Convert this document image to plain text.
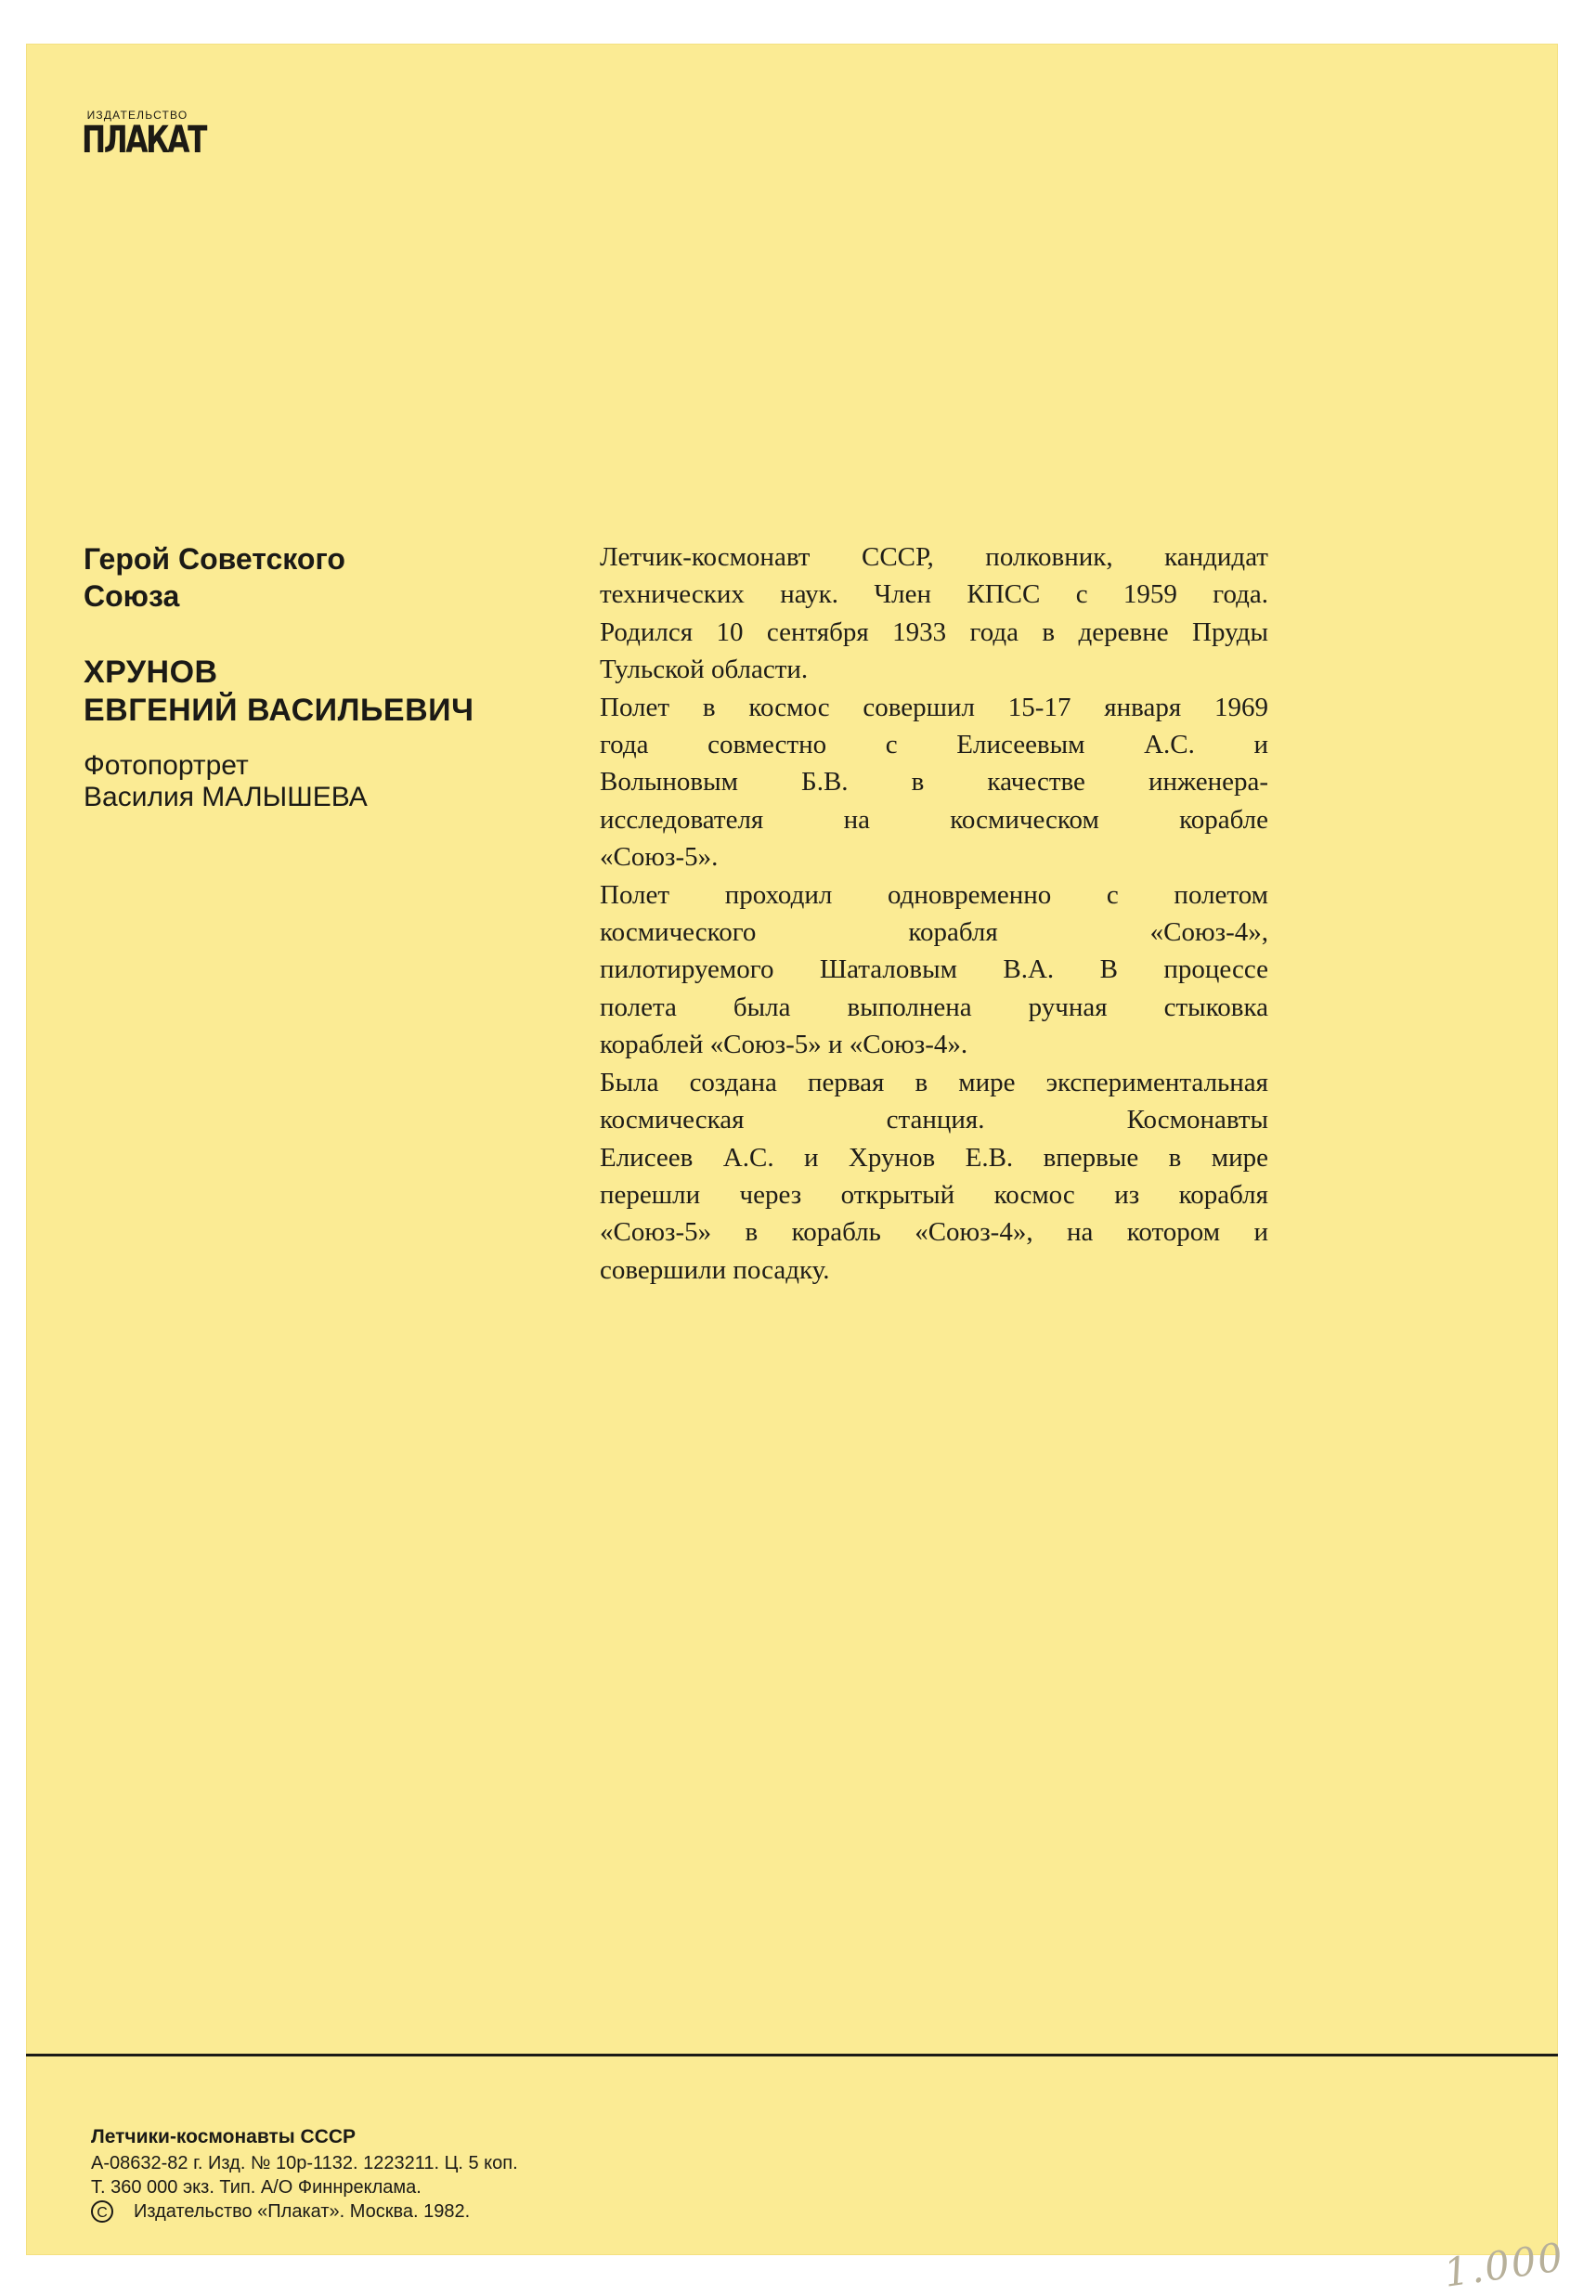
ИЗДАТЕЛЬСТВО
ПЛАКАТ
Герой Советского
Союза
ХРУНОВ
ЕВГЕНИЙ ВАСИЛЬЕВИЧ
Фотопортрет
Василия МАЛЫШЕВА
Летчик-космонавт СССР, полковник, кандидат
технических наук. Член КПСС с 1959 года.
Родился 10 сентября 1933 года в деревне Пруды
Тульской области.
Полет в космос совершил 15-17 января 1969
года совместно с Елисеевым А.С. и
Волыновым Б.В. в качестве инженера-
исследователя на космическом корабле
«Союз-5».
Полет проходил одновременно с полетом
космического корабля «Союз-4»,
пилотируемого Шаталовым В.А. В процессе
полета была выполнена ручная стыковка
кораблей «Союз-5» и «Союз-4».
Была создана первая в мире экспериментальная
космическая станция. Космонавты
Елисеев А.С. и Хрунов Е.В. впервые в мире
перешли через открытый космос из корабля
«Союз-5» в корабль «Союз-4», на котором и
совершили посадку.
Летчики-космонавты СССР
А-08632-82 г. Изд. № 10р-1132. 1223211. Ц. 5 коп.
Т. 360 000 экз. Тип. А/О Финнреклама.
C	Издательство «Плакат». Москва. 1982.
1.000
